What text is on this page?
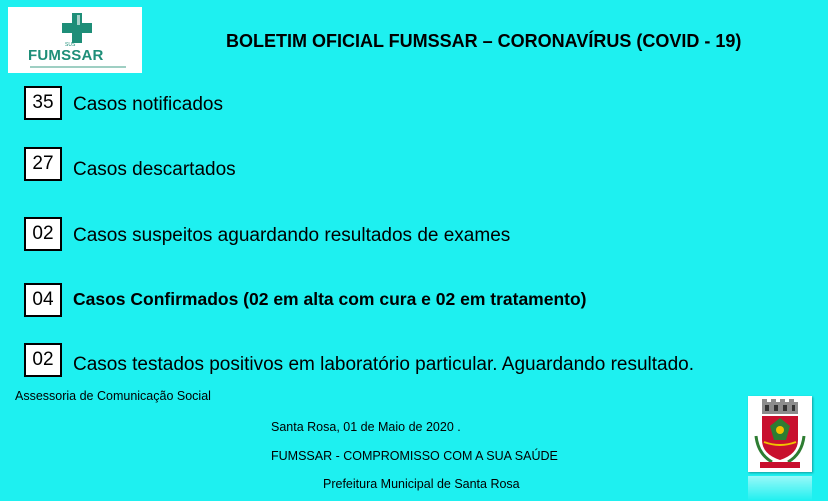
SUS
FUMSSAR
BOLETIM OFICIAL FUMSSAR – CORONAVÍRUS (COVID - 19)
35	Casos notificados
27	Casos descartados
02	Casos suspeitos aguardando resultados de exames
04	Casos Confirmados (02 em alta com cura e 02 em tratamento)
02	Casos testados positivos em laboratório particular. Aguardando resultado.
Assessoria de Comunicação Social
Santa Rosa, 01 de Maio de 2020 .
FUMSSAR - COMPROMISSO COM A SUA SAÚDE
Prefeitura Municipal de Santa Rosa
